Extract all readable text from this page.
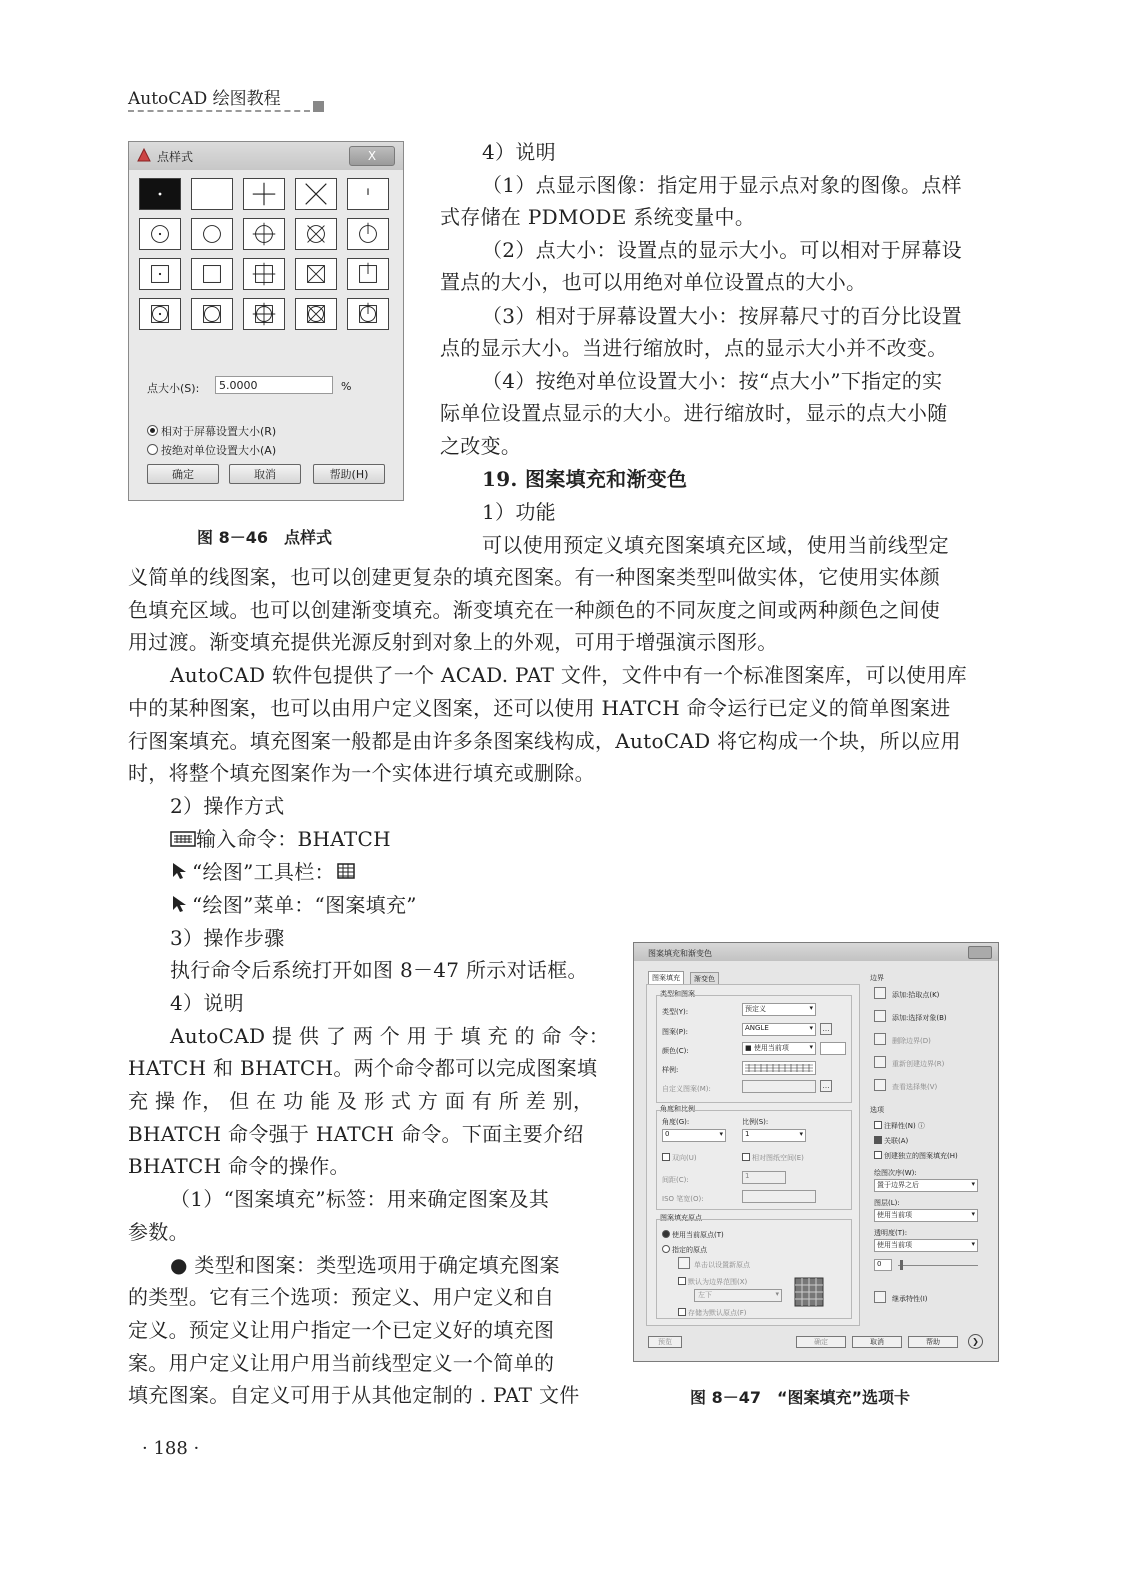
AutoCAD 绘图教程
点样式	X
点大小(S):	5.0000	%
相对于屏幕设置大小(R)
按绝对单位设置大小(A)
确定	取消	帮助(H)
图 8－46　点样式

4）说明

（1）点显示图像：指定用于显示点对象的图像。点样

式存储在 PDMODE 系统变量中。

（2）点大小：设置点的显示大小。可以相对于屏幕设

置点的大小，也可以用绝对单位设置点的大小。

（3）相对于屏幕设置大小：按屏幕尺寸的百分比设置

点的显示大小。当进行缩放时，点的显示大小并不改变。

（4）按绝对单位设置大小：按“点大小”下指定的实

际单位设置点显示的大小。进行缩放时，显示的点大小随

之改变。

19. 图案填充和渐变色

1）功能

可以使用预定义填充图案填充区域，使用当前线型定

义简单的线图案，也可以创建更复杂的填充图案。有一种图案类型叫做实体，它使用实体颜

色填充区域。也可以创建渐变填充。渐变填充在一种颜色的不同灰度之间或两种颜色之间使

用过渡。渐变填充提供光源反射到对象上的外观，可用于增强演示图形。

AutoCAD 软件包提供了一个 ACAD. PAT 文件，文件中有一个标准图案库，可以使用库

中的某种图案，也可以由用户定义图案，还可以使用 HATCH 命令运行已定义的简单图案进

行图案填充。填充图案一般都是由许多条图案线构成，AutoCAD 将它构成一个块，所以应用

时，将整个填充图案作为一个实体进行填充或删除。

2）操作方式

输入命令：BHATCH
“绘图”工具栏：
“绘图”菜单：“图案填充”

3）操作步骤

执行命令后系统打开如图 8－47 所示对话框。

4）说明

AutoCAD 提 供 了 两 个 用 于 填 充 的 命 令：

HATCH 和 BHATCH。两个命令都可以完成图案填

充 操 作， 但 在 功 能 及 形 式 方 面 有 所 差 别，

BHATCH 命令强于 HATCH 命令。下面主要介绍

BHATCH 命令的操作。

（1）“图案填充”标签：用来确定图案及其

参数。

● 类型和图案：类型选项用于确定填充图案

的类型。它有三个选项：预定义、用户定义和自

定义。预定义让用户指定一个已定义好的填充图

案。用户定义让用户用当前线型定义一个简单的

填充图案。自定义可用于从其他定制的 . PAT 文件

图案填充和渐变色
图案填充	渐变色
类型和图案
类型(Y):	预定义	▾
图案(P):	ANGLE	▾	…
颜色(C):	■ 使用当前项	▾
样例:
自定义图案(M):	…
角度和比例
角度(G):
0	▾
比例(S):
1	▾
双向(U)	相对图纸空间(E)
间距(C):	1
ISO 笔宽(O):
图案填充原点
使用当前原点(T)
指定的原点
单击以设置新原点
默认为边界范围(X)
左下	▾
存储为默认原点(F)
边界
添加:拾取点(K)
添加:选择对象(B)
删除边界(D)
重新创建边界(R)
查看选择集(V)
选项
注释性(N) ⓘ
关联(A)
创建独立的图案填充(H)
绘图次序(W):
置于边界之后	▾
图层(L):
使用当前项	▾
透明度(T):
使用当前项	▾
0
继承特性(I)
预览	确定	取消	帮助	❯
图 8－47　“图案填充”选项卡
· 188 ·
